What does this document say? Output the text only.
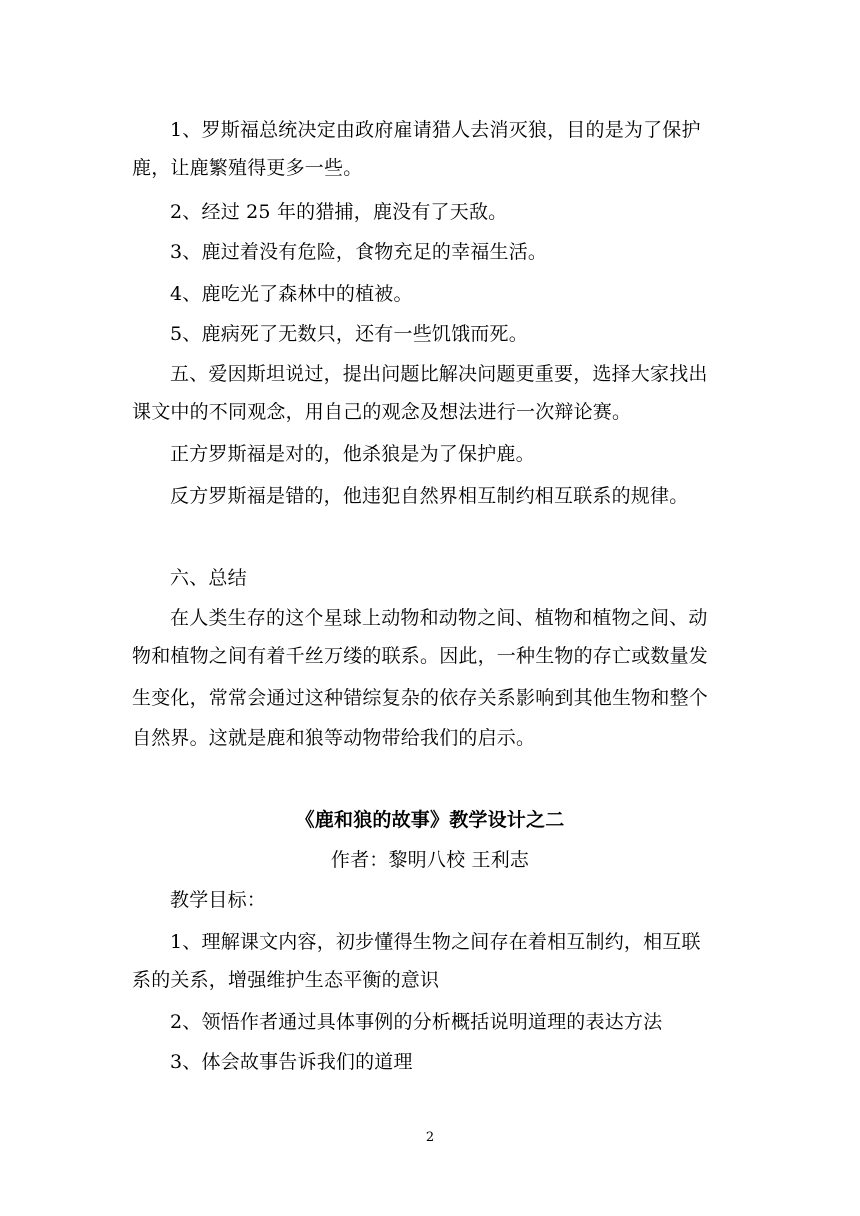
1、罗斯福总统决定由政府雇请猎人去消灭狼，目的是为了保护
鹿，让鹿繁殖得更多一些。
2、经过 25 年的猎捕，鹿没有了天敌。
3、鹿过着没有危险，食物充足的幸福生活。
4、鹿吃光了森林中的植被。
5、鹿病死了无数只，还有一些饥饿而死。
五、爱因斯坦说过，提出问题比解决问题更重要，选择大家找出
课文中的不同观念，用自己的观念及想法进行一次辩论赛。
正方罗斯福是对的，他杀狼是为了保护鹿。
反方罗斯福是错的，他违犯自然界相互制约相互联系的规律。
六、总结
在人类生存的这个星球上动物和动物之间、植物和植物之间、动
物和植物之间有着千丝万缕的联系。因此，一种生物的存亡或数量发
生变化，常常会通过这种错综复杂的依存关系影响到其他生物和整个
自然界。这就是鹿和狼等动物带给我们的启示。
《鹿和狼的故事》教学设计之二
作者：黎明八校 王利志
教学目标：
1、理解课文内容，初步懂得生物之间存在着相互制约，相互联
系的关系，增强维护生态平衡的意识
2、领悟作者通过具体事例的分析概括说明道理的表达方法
3、体会故事告诉我们的道理
2
